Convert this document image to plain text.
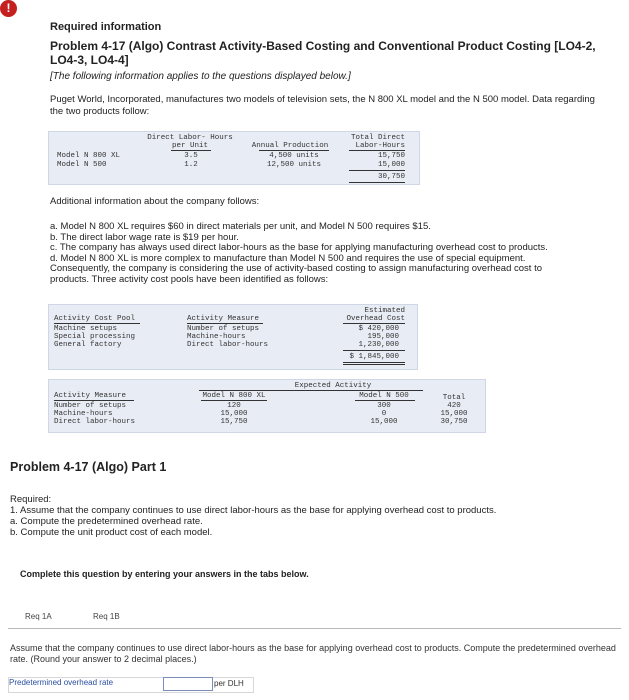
!
Required information
Problem 4-17 (Algo) Contrast Activity-Based Costing and Conventional Product Costing [LO4-2, LO4-3, LO4-4]
[The following information applies to the questions displayed below.]
Puget World, Incorporated, manufactures two models of television sets, the N 800 XL model and the N 500 model. Data regarding the two products follow:
Direct Labor- Hours
per Unit	Annual Production
Total Direct
Labor-Hours
Model N 800 XL	3.5	4,500 units	15,750
Model N 500	1.2	12,500 units	15,000
30,750
Additional information about the company follows:
a. Model N 800 XL requires $60 in direct materials per unit, and Model N 500 requires $15.
b. The direct labor wage rate is $19 per hour.
c. The company has always used direct labor-hours as the base for applying manufacturing overhead cost to products.
d. Model N 800 XL is more complex to manufacture than Model N 500 and requires the use of special equipment.
Consequently, the company is considering the use of activity-based costing to assign manufacturing overhead cost to
products. Three activity cost pools have been identified as follows:
Activity Cost Pool	Activity Measure
Estimated
Overhead Cost
Machine setups	Number of setups	$ 420,000
Special processing	Machine-hours	195,000
General factory	Direct labor-hours	1,230,000
$ 1,845,000
Expected Activity
Activity Measure	Model N 800 XL	Model N 500	Total
Number of setups	120	300	420
Machine-hours	15,000	0	15,000
Direct labor-hours	15,750	15,000	30,750
Problem 4-17 (Algo) Part 1
Required:
1. Assume that the company continues to use direct labor-hours as the base for applying overhead cost to products.
a. Compute the predetermined overhead rate.
b. Compute the unit product cost of each model.
Complete this question by entering your answers in the tabs below.
Req 1A	Req 1B
Assume that the company continues to use direct labor-hours as the base for applying overhead cost to products. Compute the predetermined overhead rate. (Round your answer to 2 decimal places.)
Predetermined overhead rate	per DLH
